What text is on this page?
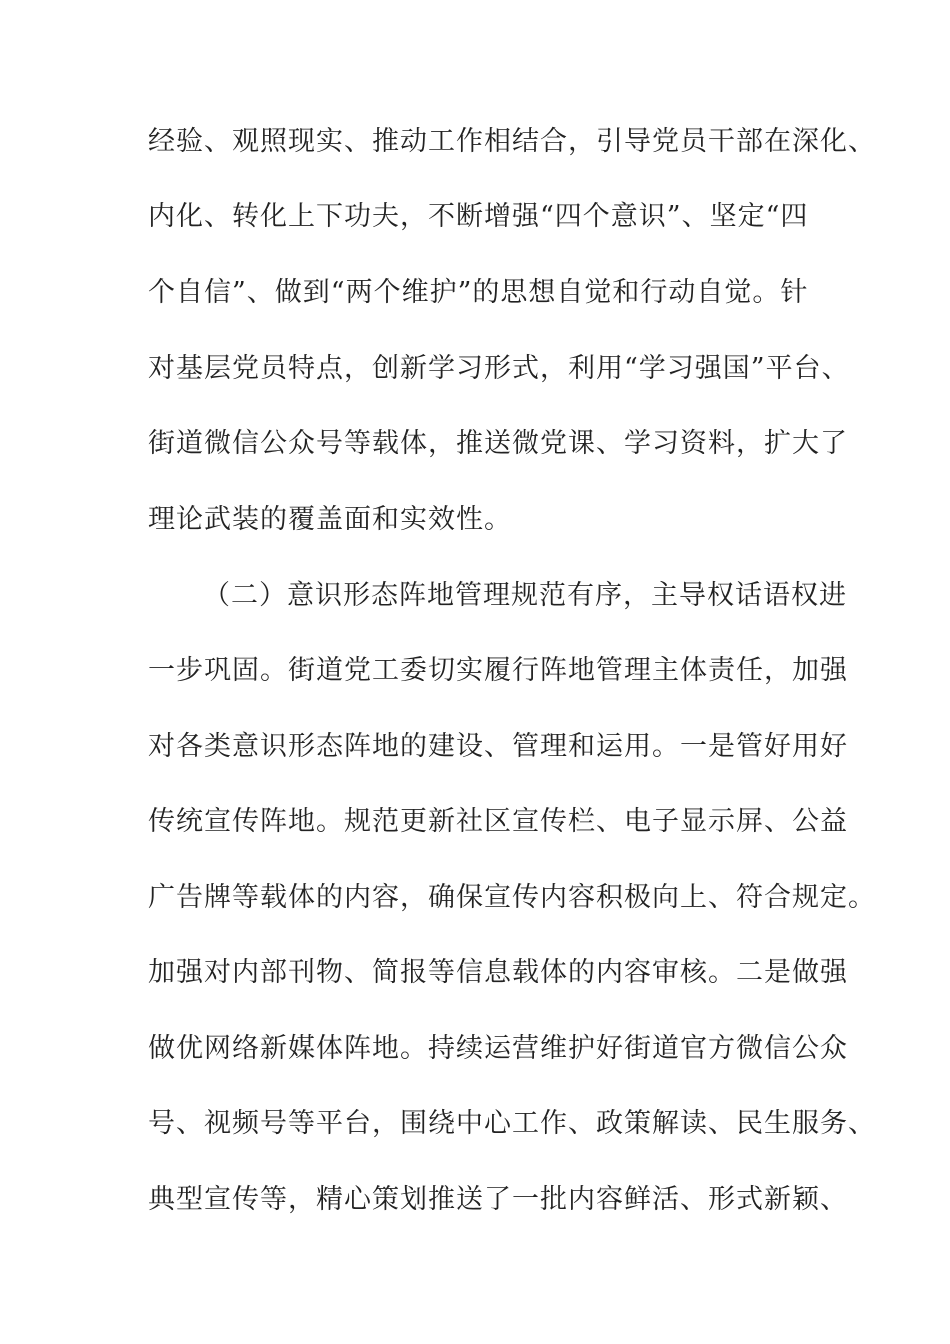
经验、观照现实、推动工作相结合，引导党员干部在深化、
内化、转化上下功夫，不断增强“四个意识”、坚定“四
个自信”、做到“两个维护”的思想自觉和行动自觉。针
对基层党员特点，创新学习形式，利用“学习强国”平台、
街道微信公众号等载体，推送微党课、学习资料，扩大了
理论武装的覆盖面和实效性。
（二）意识形态阵地管理规范有序，主导权话语权进
一步巩固。街道党工委切实履行阵地管理主体责任，加强
对各类意识形态阵地的建设、管理和运用。一是管好用好
传统宣传阵地。规范更新社区宣传栏、电子显示屏、公益
广告牌等载体的内容，确保宣传内容积极向上、符合规定。
加强对内部刊物、简报等信息载体的内容审核。二是做强
做优网络新媒体阵地。持续运营维护好街道官方微信公众
号、视频号等平台，围绕中心工作、政策解读、民生服务、
典型宣传等，精心策划推送了一批内容鲜活、形式新颖、
